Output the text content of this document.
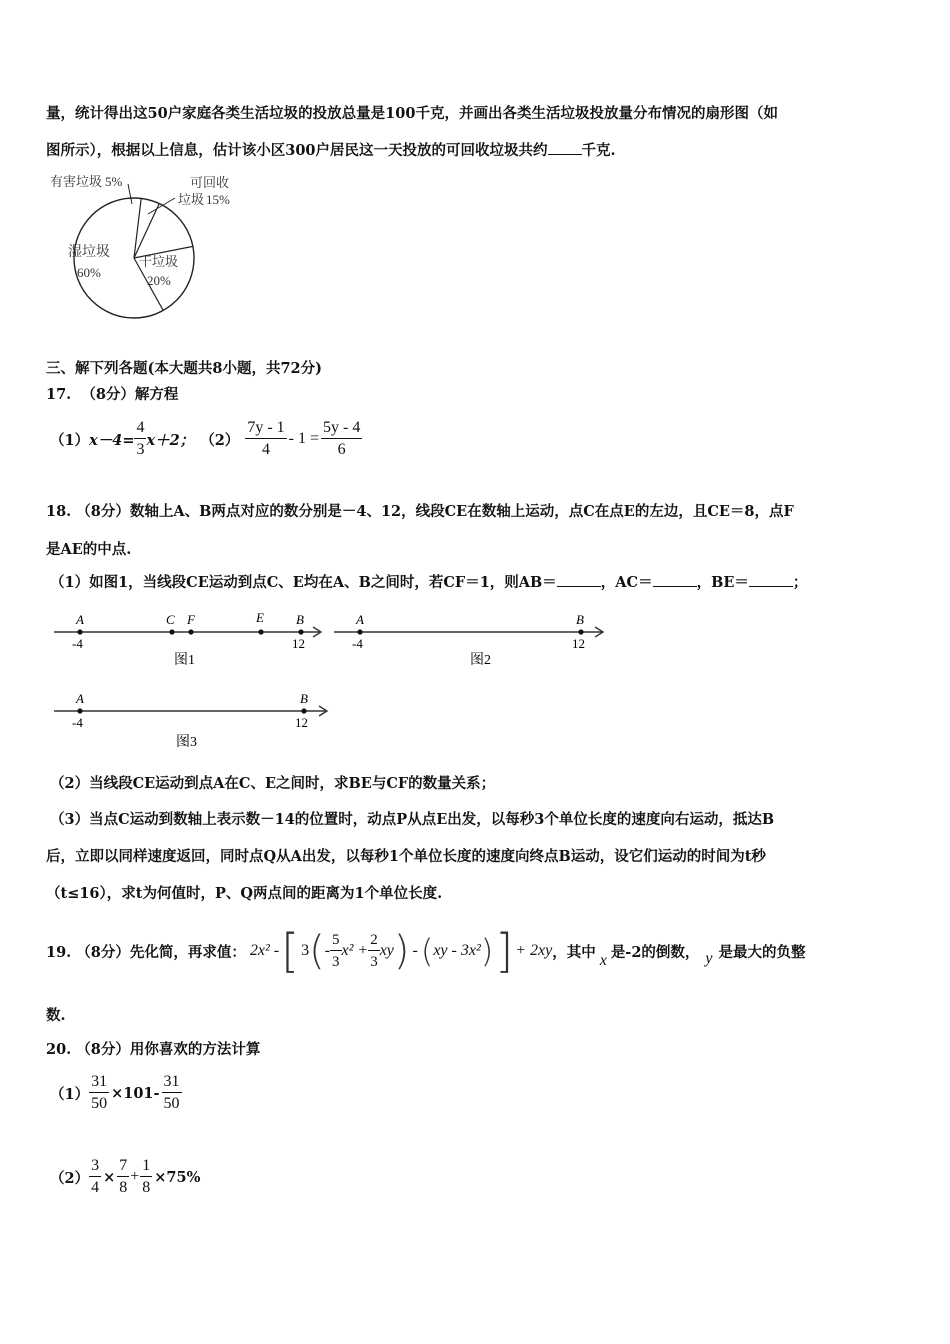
量，统计得出这50户家庭各类生活垃圾的投放总量是100千克，并画出各类生活垃圾投放量分布情况的扇形图（如
图所示），根据以上信息，估计该小区300户居民这一天投放的可回收垃圾共约 千克.
有害垃圾 5%	可回收
垃圾 15%
干垃圾
20%
湿垃圾
60%
三、解下列各题(本大题共8小题，共72分)
17. （8分）解方程
（1） $x-4= \frac{4}{3} x+2$； $(2) \frac{7y - 1}{4} - 1 = \frac{5y - 4}{6}$
18. （8分）数轴上A、B两点对应的数分别是－4、12，线段CE在数轴上运动，点C在点E的左边，且CE＝8，点F
是AE的中点.
（1）如图1，当线段CE运动到点C、E均在A、B之间时，若CF＝1，则AB＝	，AC＝	，BE＝	；
A	C F	E B
-4	12
图1
A	B
-4	12
图2
A	B
-4	12
图3
（2）当线段CE运动到点A在C、E之间时，求BE与CF的数量关系；
（3）当点C运动到数轴上表示数－14的位置时，动点P从点E出发，以每秒3个单位长度的速度向右运动，抵达B
后，立即以同样速度返回，同时点Q从A出发，以每秒1个单位长度的速度向终点B运动，设它们运动的时间为t秒
（t≤16），求t为何值时，P、Q两点间的距离为1个单位长度.
19. （8分）先化简，再求值： 2x² - [ 3 ( - $\frac{5}{3} x^2 + \frac{2}{3}$ xy ) - ( xy - 3x² ) ] + 2xy ，其中 x 是-2的倒数， y 是最大的负整
数.
20. （8分）用你喜欢的方法计算
$(1) \frac{31}{50} \times 101- \frac{31}{50}$
$(2) \frac{3}{4} \times \frac{7}{8} + \frac{1}{8} \times 75\%$
